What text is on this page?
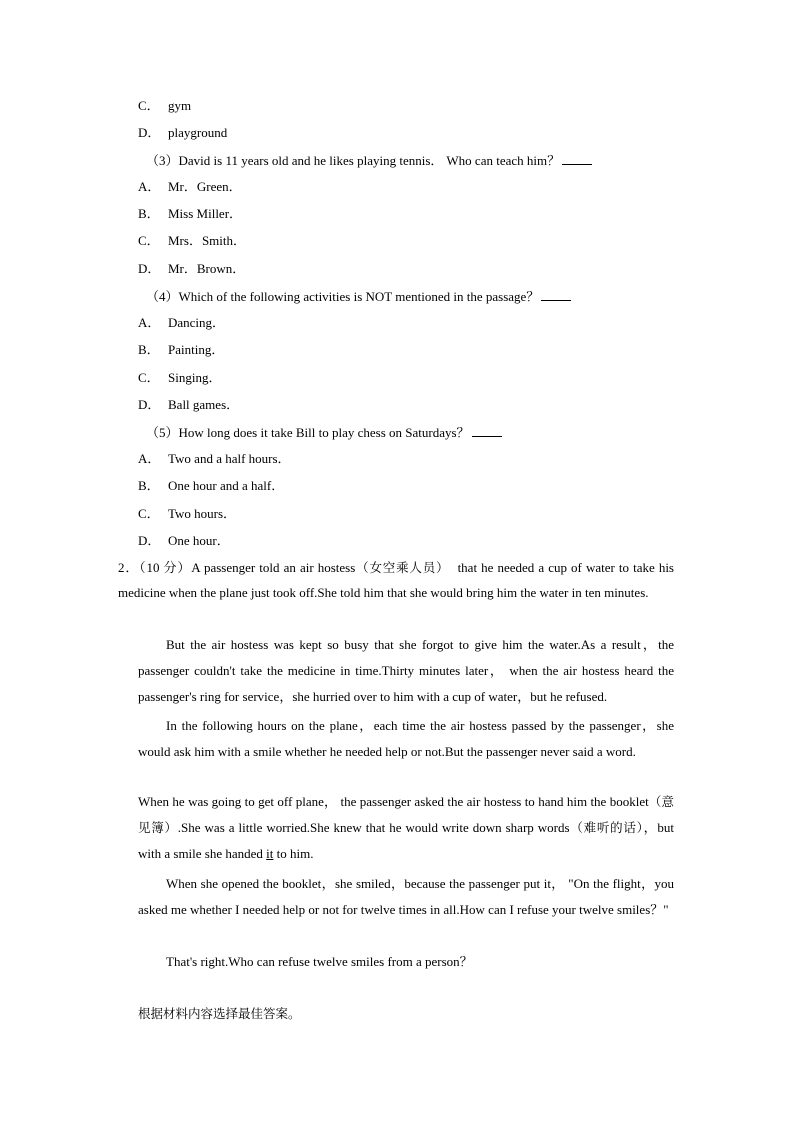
C． gym
D． playground
（3）David is 11 years old and he likes playing tennis． Who can teach him？
A． Mr．Green．
B． Miss Miller．
C． Mrs．Smith．
D． Mr．Brown．
（4）Which of the following activities is NOT mentioned in the passage？
A． Dancing．
B． Painting．
C． Singing．
D． Ball games．
（5）How long does it take Bill to play chess on Saturdays？
A． Two and a half hours．
B． One hour and a half．
C． Two hours．
D． One hour．
2．（10 分）A passenger told an air hostess（女空乘人员） that he needed a cup of water to take his medicine when the plane just took off.She told him that she would bring him the water in ten minutes.
But the air hostess was kept so busy that she forgot to give him the water.As a result，the passenger couldn't take the medicine in time.Thirty minutes later， when the air hostess heard the passenger's ring for service，she hurried over to him with a cup of water，but he refused.
In the following hours on the plane，each time the air hostess passed by the passenger，she would ask him with a smile whether he needed help or not.But the passenger never said a word.
When he was going to get off plane， the passenger asked the air hostess to hand him the booklet（意见簿）.She was a little worried.She knew that he would write down sharp words（难听的话），but with a smile she handed it to him.
When she opened the booklet，she smiled，because the passenger put it， "On the flight，you asked me whether I needed help or not for twelve times in all.How can I refuse your twelve smiles？"
That's right.Who can refuse twelve smiles from a person？
根据材料内容选择最佳答案。
